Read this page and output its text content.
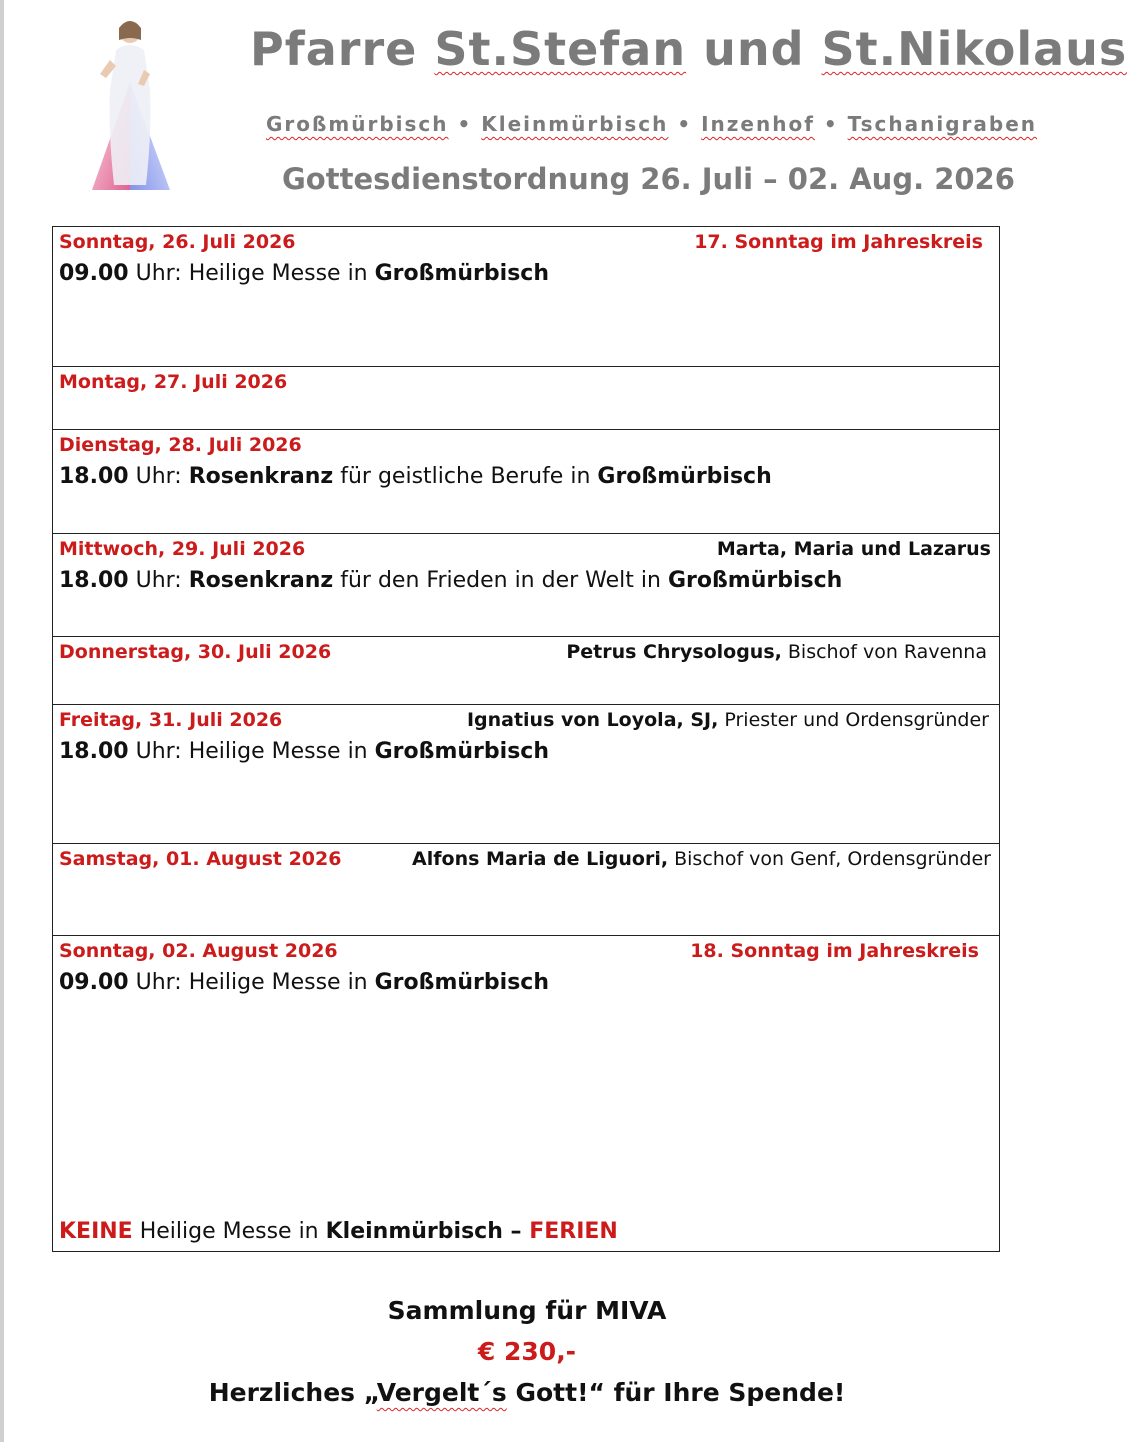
Pfarre St.Stefan und St.Nikolaus
Großmürbisch • Kleinmürbisch • Inzenhof • Tschanigraben
Gottesdienstordnung 26. Juli – 02. Aug. 2026
Sonntag, 26. Juli 2026	17. Sonntag im Jahreskreis
09.00 Uhr: Heilige Messe in Großmürbisch
Montag, 27. Juli 2026
Dienstag, 28. Juli 2026
18.00 Uhr: Rosenkranz für geistliche Berufe in Großmürbisch
Mittwoch, 29. Juli 2026	Marta, Maria und Lazarus
18.00 Uhr: Rosenkranz für den Frieden in der Welt in Großmürbisch
Donnerstag, 30. Juli 2026	Petrus Chrysologus, Bischof von Ravenna
Freitag, 31. Juli 2026	Ignatius von Loyola, SJ, Priester und Ordensgründer
18.00 Uhr: Heilige Messe in Großmürbisch
Samstag, 01. August 2026	Alfons Maria de Liguori, Bischof von Genf, Ordensgründer
Sonntag, 02. August 2026	18. Sonntag im Jahreskreis
09.00 Uhr: Heilige Messe in Großmürbisch
KEINE Heilige Messe in Kleinmürbisch – FERIEN
Sammlung für MIVA
€ 230,-
Herzliches „Vergelt´s Gott!“ für Ihre Spende!
